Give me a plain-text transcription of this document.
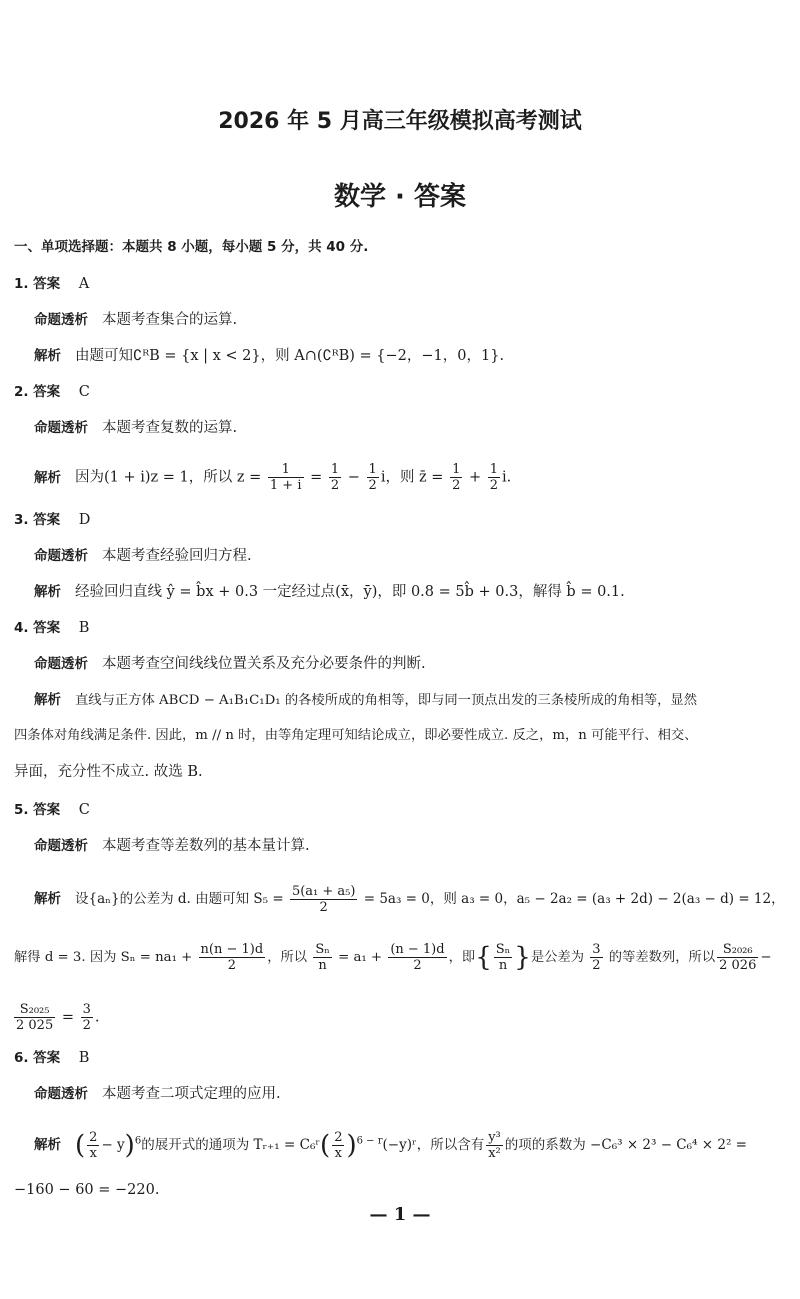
2026 年 5 月高三年级模拟高考测试
数学 · 答案
一、单项选择题：本题共 8 小题，每小题 5 分，共 40 分.
1. 答案 A
命题透析 本题考查集合的运算.
解析 由题可知∁ᴿB = {x | x < 2}，则 A∩(∁ᴿB) = {−2，−1，0，1}.
2. 答案 C
命题透析 本题考查复数的运算.
解析 因为(1 + i)z = 1，所以 $z = \frac{1}{1 + i} = \frac{1}{2} - \frac{1}{2}$ i，则 z̄ = $\frac{1}{2} + \frac{1}{2} i$.
3. 答案 D
命题透析 本题考查经验回归方程.
解析 经验回归直线 ŷ = b̂x + 0.3 一定经过点(x̄，ȳ)，即 0.8 = 5b̂ + 0.3，解得 b̂ = 0.1.
4. 答案 B
命题透析 本题考查空间线线位置关系及充分必要条件的判断.
解析 直线与正方体 ABCD − A₁B₁C₁D₁ 的各棱所成的角相等，即与同一顶点出发的三条棱所成的角相等，显然
四条体对角线满足条件. 因此，m // n 时，由等角定理可知结论成立，即必要性成立. 反之，m，n 可能平行、相交、
异面，充分性不成立. 故选 B.
5. 答案 C
命题透析 本题考查等差数列的基本量计算.
解析 设{aₙ}的公差为 d. 由题可知 $S_5 = \frac{\text{5(a₁ + a₅)}}{2} = 5a_3 = 0$，则 a₃ = 0，a₅ − 2a₂ = (a₃ + 2d) − 2(a₃ − d) = 12，
解得 d = 3. 因为 $S_n = na_1 + \frac{n(n - 1)d}{2}$ ，所以 $\frac{\text{Sₙ}}{n} = a_1 + \frac{(n - 1)d}{2}$ ，即{ $\frac{\text{Sₙ}}{n}$ }是公差为 $\frac{3}{2}$ 的等差数列，所以 $\frac{\text{S₂₀₂₆}}{2 026}$ −
$\frac{\text{S₂₀₂₅}}{2 025} = \frac{3}{2}$ .
6. 答案 B
命题透析 本题考查二项式定理的应用.
解析 ( $\frac{2}{x} - y)^6$的展开式的通项为 Tᵣ₊₁ = C₆ʳ( $\frac{2}{x}$ )$^{6 - r}$(−y)ʳ，所以含有 $\frac{\text{y³}}{\text{x²}}$ 的项的系数为 −C₆³ × 2³ − C₆⁴ × 2² =
−160 − 60 = −220.
— 1 —
